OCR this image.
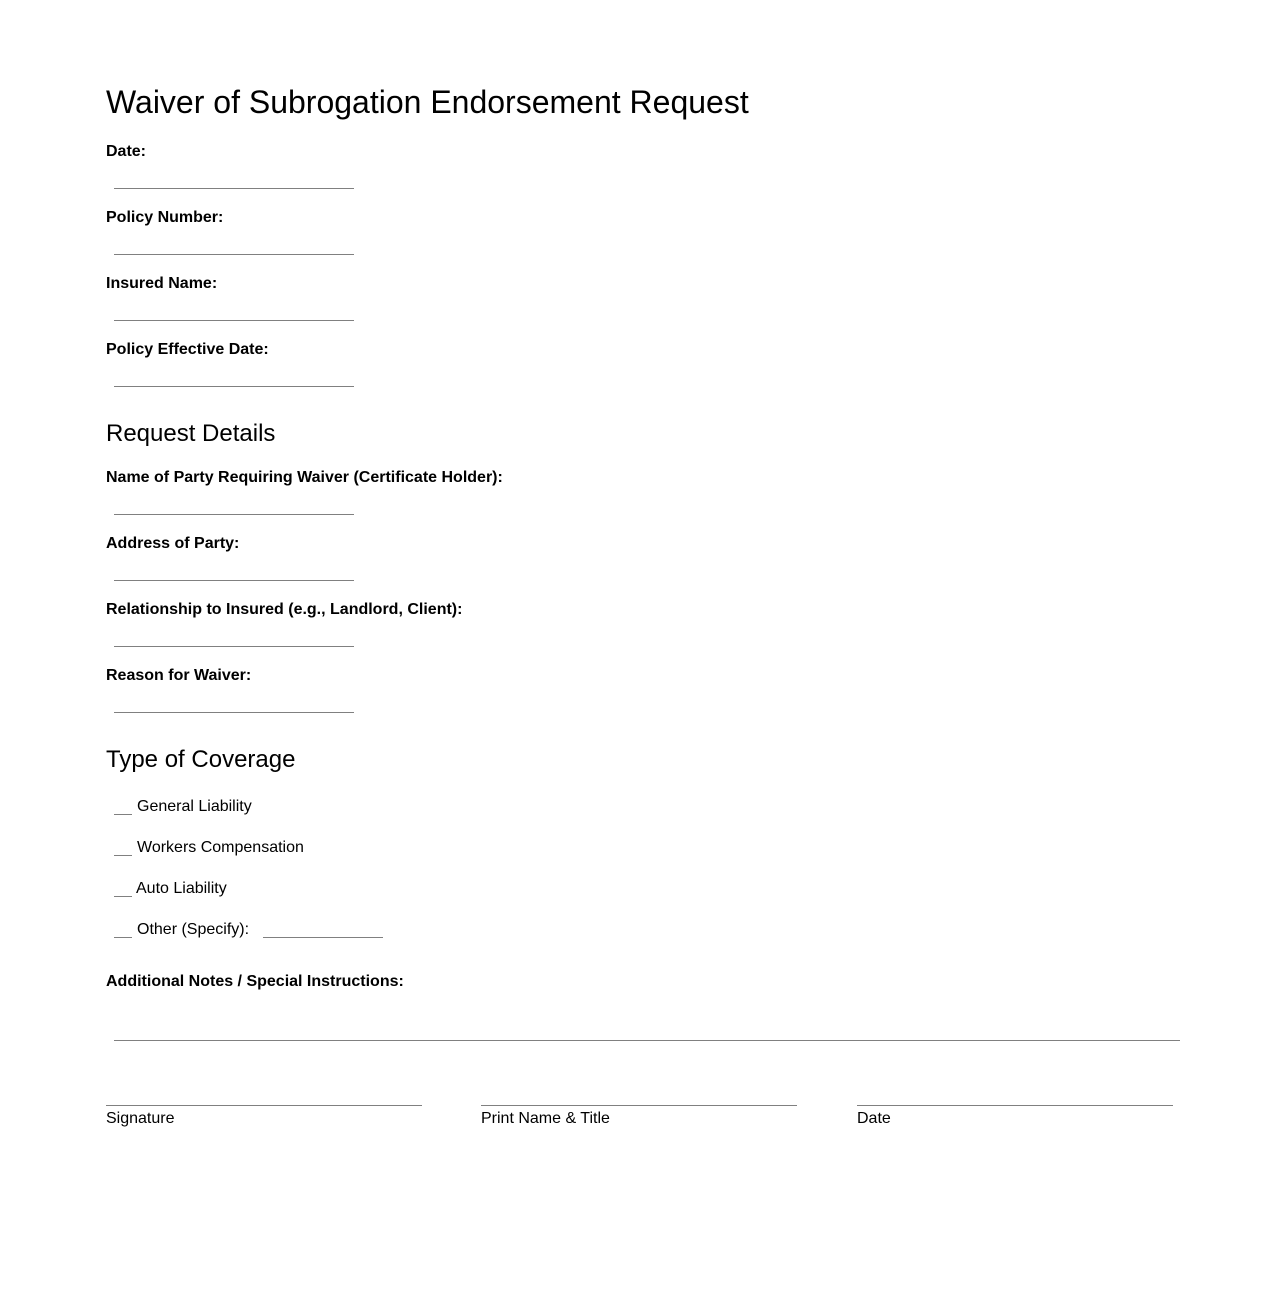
Waiver of Subrogation Endorsement Request
Date:
Policy Number:
Insured Name:
Policy Effective Date:
Request Details
Name of Party Requiring Waiver (Certificate Holder):
Address of Party:
Relationship to Insured (e.g., Landlord, Client):
Reason for Waiver:
Type of Coverage
General Liability
Workers Compensation
Auto Liability
Other (Specify):
Additional Notes / Special Instructions:
Signature	Print Name & Title	Date
